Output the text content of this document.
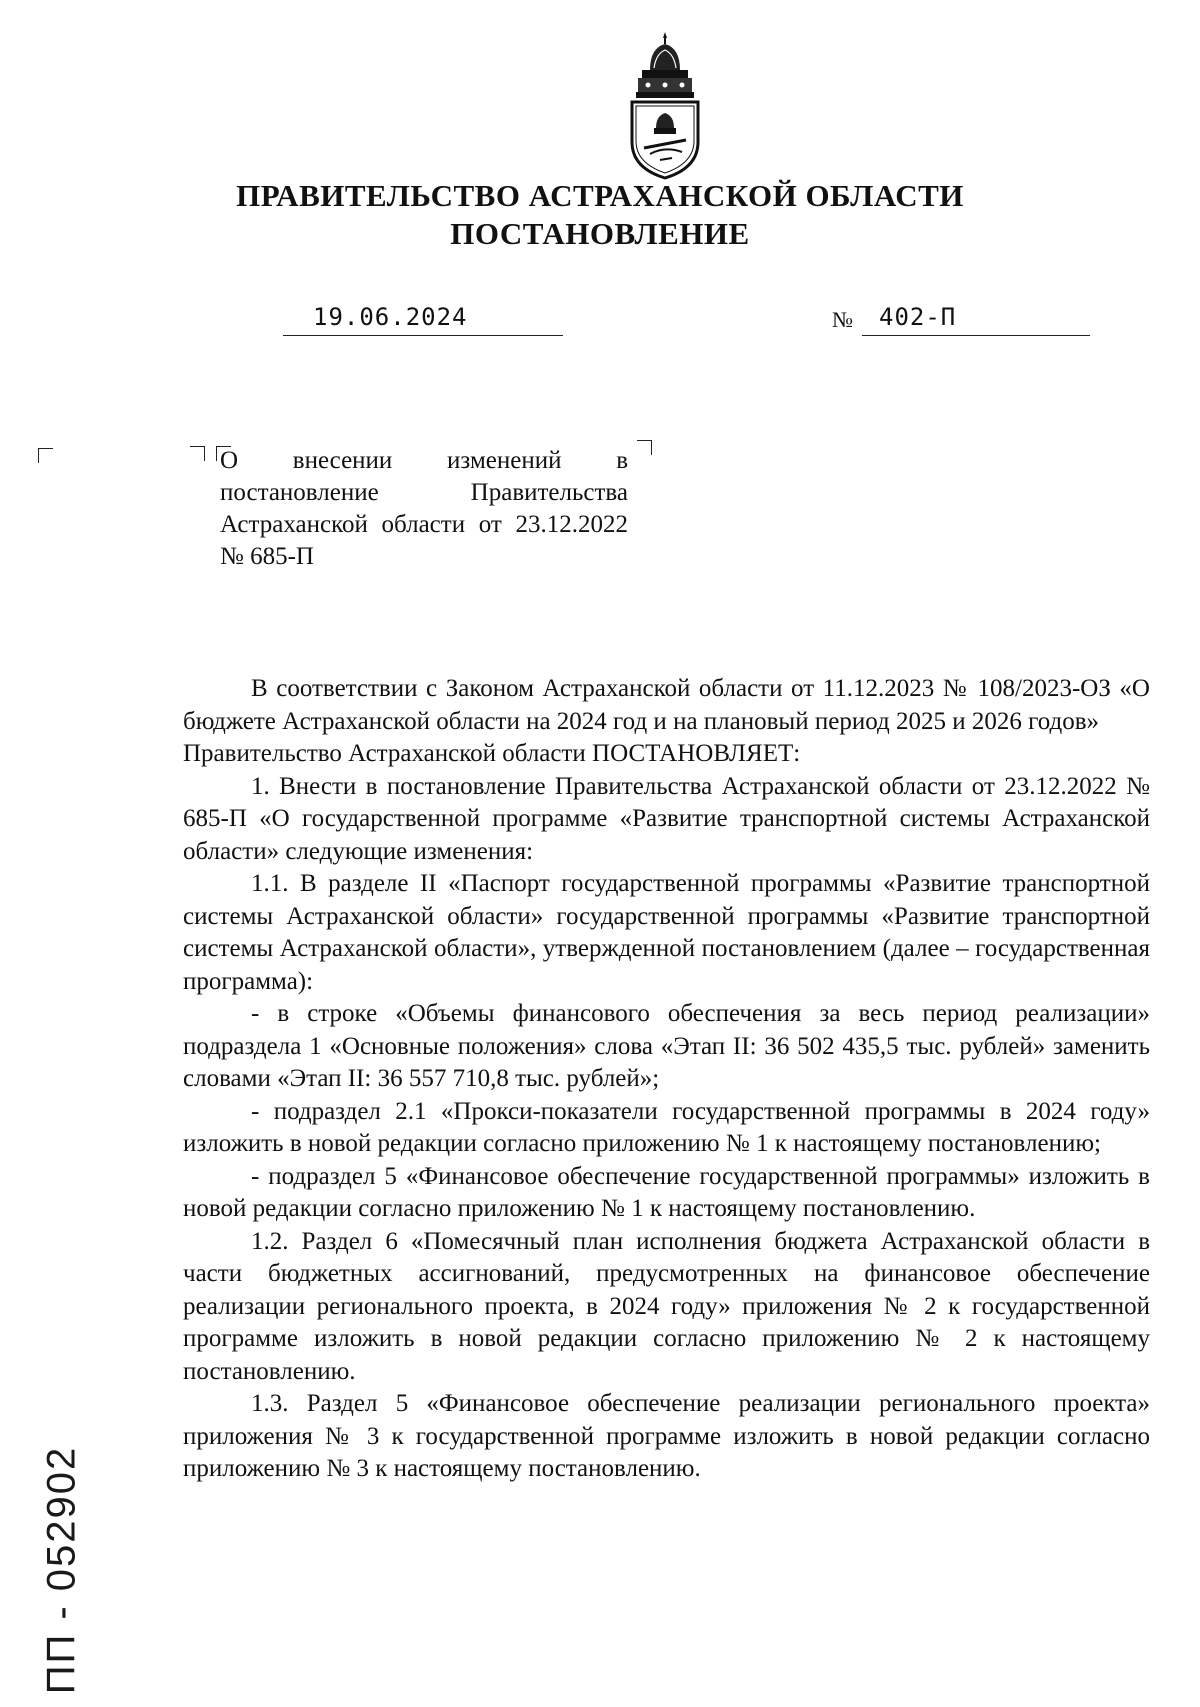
ПРАВИТЕЛЬСТВО АСТРАХАНСКОЙ ОБЛАСТИ
ПОСТАНОВЛЕНИЕ
19.06.2024	№ 402-П

О внесении изменений в постановление Правительства Астраханской области от 23.12.2022 № 685-П

В соответствии с Законом Астраханской области от 11.12.2023 № 108/2023-ОЗ «О бюджете Астраханской области на 2024 год и на плановый период 2025 и 2026 годов»

Правительство Астраханской области ПОСТАНОВЛЯЕТ:

1. Внести в постановление Правительства Астраханской области от 23.12.2022 № 685-П «О государственной программе «Развитие транспортной системы Астраханской области» следующие изменения:

1.1. В разделе II «Паспорт государственной программы «Развитие транспортной системы Астраханской области» государственной программы «Развитие транспортной системы Астраханской области», утвержденной постановлением (далее – государственная программа):

- в строке «Объемы финансового обеспечения за весь период реализации» подраздела 1 «Основные положения» слова «Этап II: 36 502 435,5 тыс. рублей» заменить словами «Этап II: 36 557 710,8 тыс. рублей»;

- подраздел 2.1 «Прокси-показатели государственной программы в 2024 году» изложить в новой редакции согласно приложению № 1 к настоящему постановлению;

- подраздел 5 «Финансовое обеспечение государственной программы» изложить в новой редакции согласно приложению № 1 к настоящему постановлению.

1.2. Раздел 6 «Помесячный план исполнения бюджета Астраханской области в части бюджетных ассигнований, предусмотренных на финансовое обеспечение реализации регионального проекта, в 2024 году» приложения № 2 к государственной программе изложить в новой редакции согласно приложению № 2 к настоящему постановлению.

1.3. Раздел 5 «Финансовое обеспечение реализации регионального проекта» приложения № 3 к государственной программе изложить в новой редакции согласно приложению № 3 к настоящему постановлению.

ПП - 052902
